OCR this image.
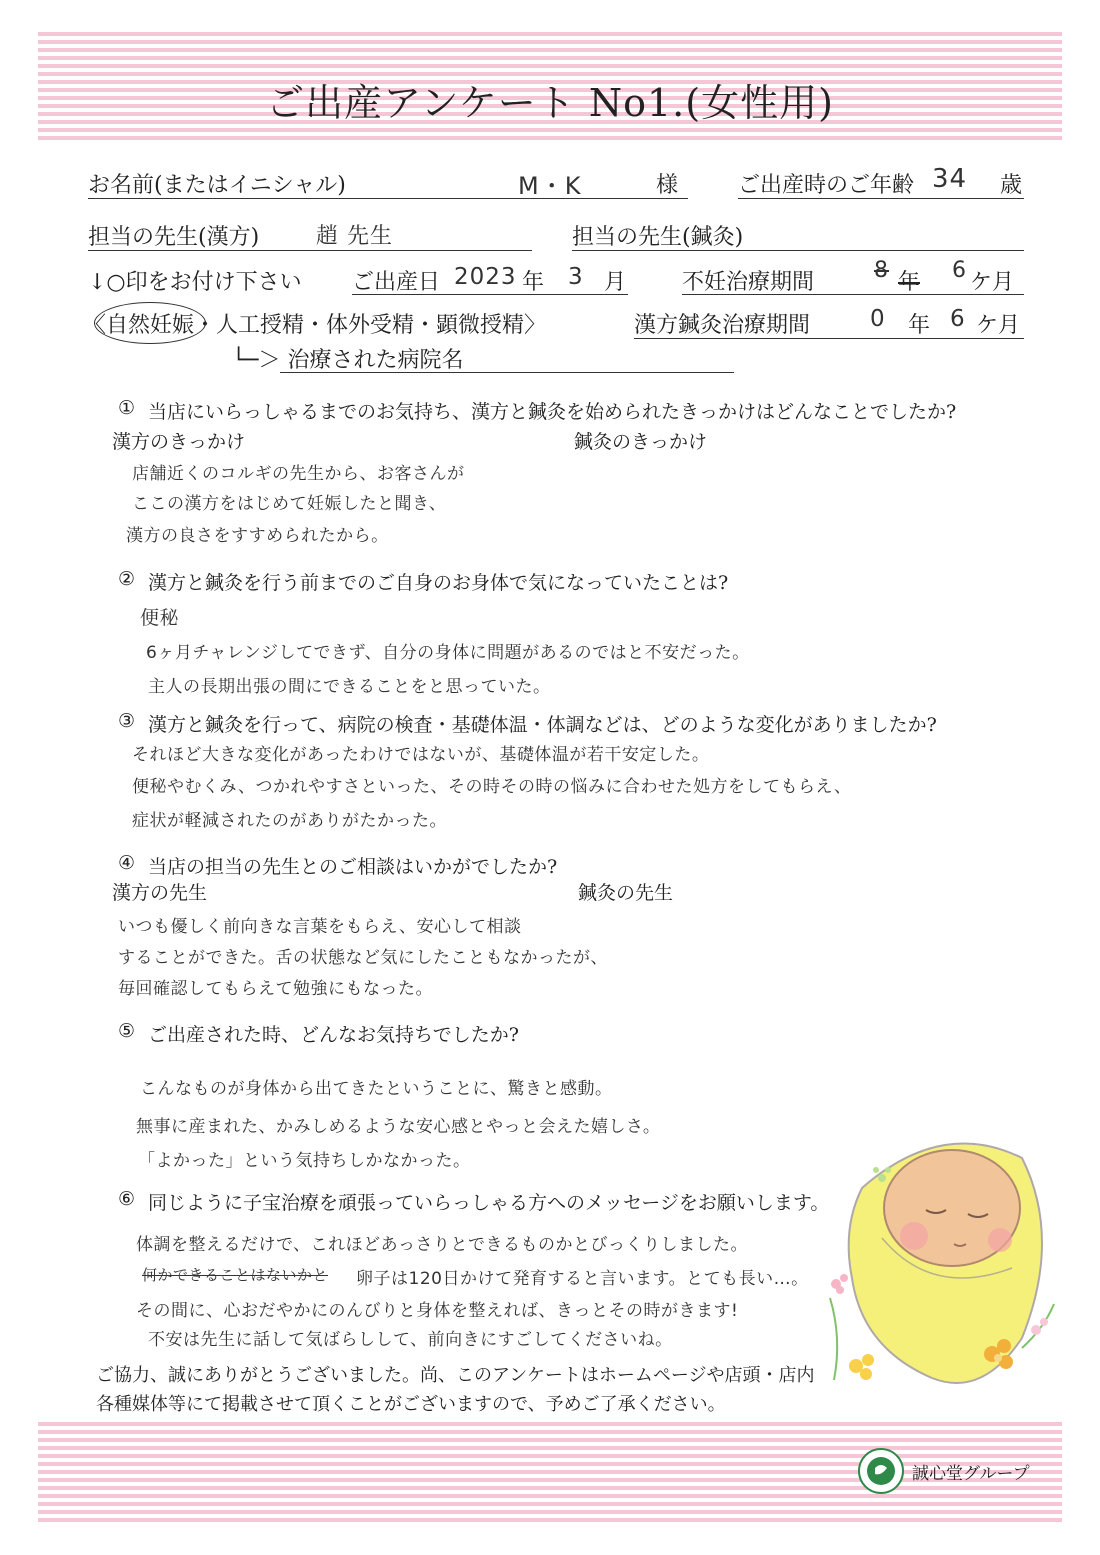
ご出産アンケート No1.(女性用)
お名前(またはイニシャル)	M・K	様	ご出産時のご年齢 34 歳
担当の先生(漢方)	趙 先生	担当の先生(鍼灸)
↓○印をお付け下さい ご出産日 2023 年 3 月	不妊治療期間	8 年 6 ケ月
〈自然妊娠・人工授精・体外受精・顕微授精〉	漢方鍼灸治療期間	0 年 6 ケ月
└─＞ 治療された病院名
① 当店にいらっしゃるまでのお気持ち、漢方と鍼灸を始められたきっかけはどんなことでしたか?
漢方のきっかけ	鍼灸のきっかけ
店舗近くのコルギの先生から、お客さんが
ここの漢方をはじめて妊娠したと聞き、
漢方の良さをすすめられたから。
② 漢方と鍼灸を行う前までのご自身のお身体で気になっていたことは?
便秘
6ヶ月チャレンジしてできず、自分の身体に問題があるのではと不安だった。
主人の長期出張の間にできることをと思っていた。
③ 漢方と鍼灸を行って、病院の検査・基礎体温・体調などは、どのような変化がありましたか?
それほど大きな変化があったわけではないが、基礎体温が若干安定した。
便秘やむくみ、つかれやすさといった、その時その時の悩みに合わせた処方をしてもらえ、
症状が軽減されたのがありがたかった。
④ 当店の担当の先生とのご相談はいかがでしたか?
漢方の先生	鍼灸の先生
いつも優しく前向きな言葉をもらえ、安心して相談
することができた。舌の状態など気にしたこともなかったが、
毎回確認してもらえて勉強にもなった。
⑤ ご出産された時、どんなお気持ちでしたか?
こんなものが身体から出てきたということに、驚きと感動。
無事に産まれた、かみしめるような安心感とやっと会えた嬉しさ。
「よかった」という気持ちしかなかった。
⑥ 同じように子宝治療を頑張っていらっしゃる方へのメッセージをお願いします。
体調を整えるだけで、これほどあっさりとできるものかとびっくりしました。
何かできることはないかと 卵子は120日かけて発育すると言います。とても長い…。
その間に、心おだやかにのんびりと身体を整えれば、きっとその時がきます!
不安は先生に話して気ばらしして、前向きにすごしてくださいね。
ご協力、誠にありがとうございました。尚、このアンケートはホームページや店頭・店内
各種媒体等にて掲載させて頂くことがございますので、予めご了承ください。
誠心堂グループ
